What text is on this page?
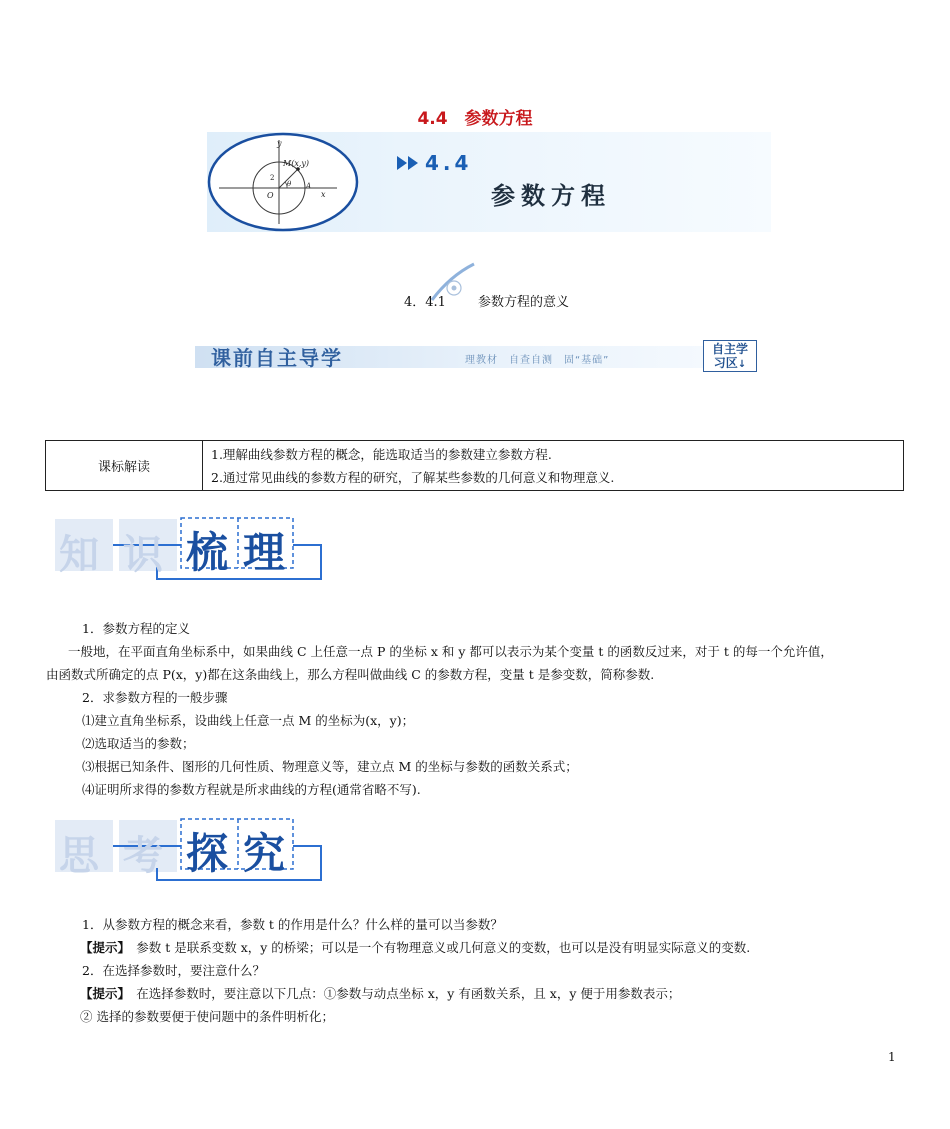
4.4　参数方程
y
x
O
M(x,y)
θ A
2
4.4
参数方程
4．4.1 参数方程的意义
课前自主导学	理教材　自查自测　固“基础”
自主学
习区↓
课标解读
1.理解曲线参数方程的概念，能选取适当的参数建立参数方程.
2.通过常见曲线的参数方程的研究，了解某些参数的几何意义和物理意义.
知 识 梳 理

1．参数方程的定义

一般地，在平面直角坐标系中，如果曲线 C 上任意一点 P 的坐标 x 和 y 都可以表示为某个变量 t 的函数反过来，对于 t 的每一个允许值，

由函数式所确定的点 P(x，y)都在这条曲线上，那么方程叫做曲线 C 的参数方程，变量 t 是参变数，简称参数.

2．求参数方程的一般步骤

⑴建立直角坐标系，设曲线上任意一点 M 的坐标为(x，y)；

⑵选取适当的参数；

⑶根据已知条件、图形的几何性质、物理意义等，建立点 M 的坐标与参数的函数关系式；

⑷证明所求得的参数方程就是所求曲线的方程(通常省略不写).

思 考 探 究

1．从参数方程的概念来看，参数 t 的作用是什么？什么样的量可以当参数？

【提示】　参数 t 是联系变数 x，y 的桥梁；可以是一个有物理意义或几何意义的变数，也可以是没有明显实际意义的变数.

2．在选择参数时，要注意什么？

【提示】　在选择参数时，要注意以下几点：①参数与动点坐标 x，y 有函数关系，且 x，y 便于用参数表示；

② 选择的参数要便于使问题中的条件明析化；

1
